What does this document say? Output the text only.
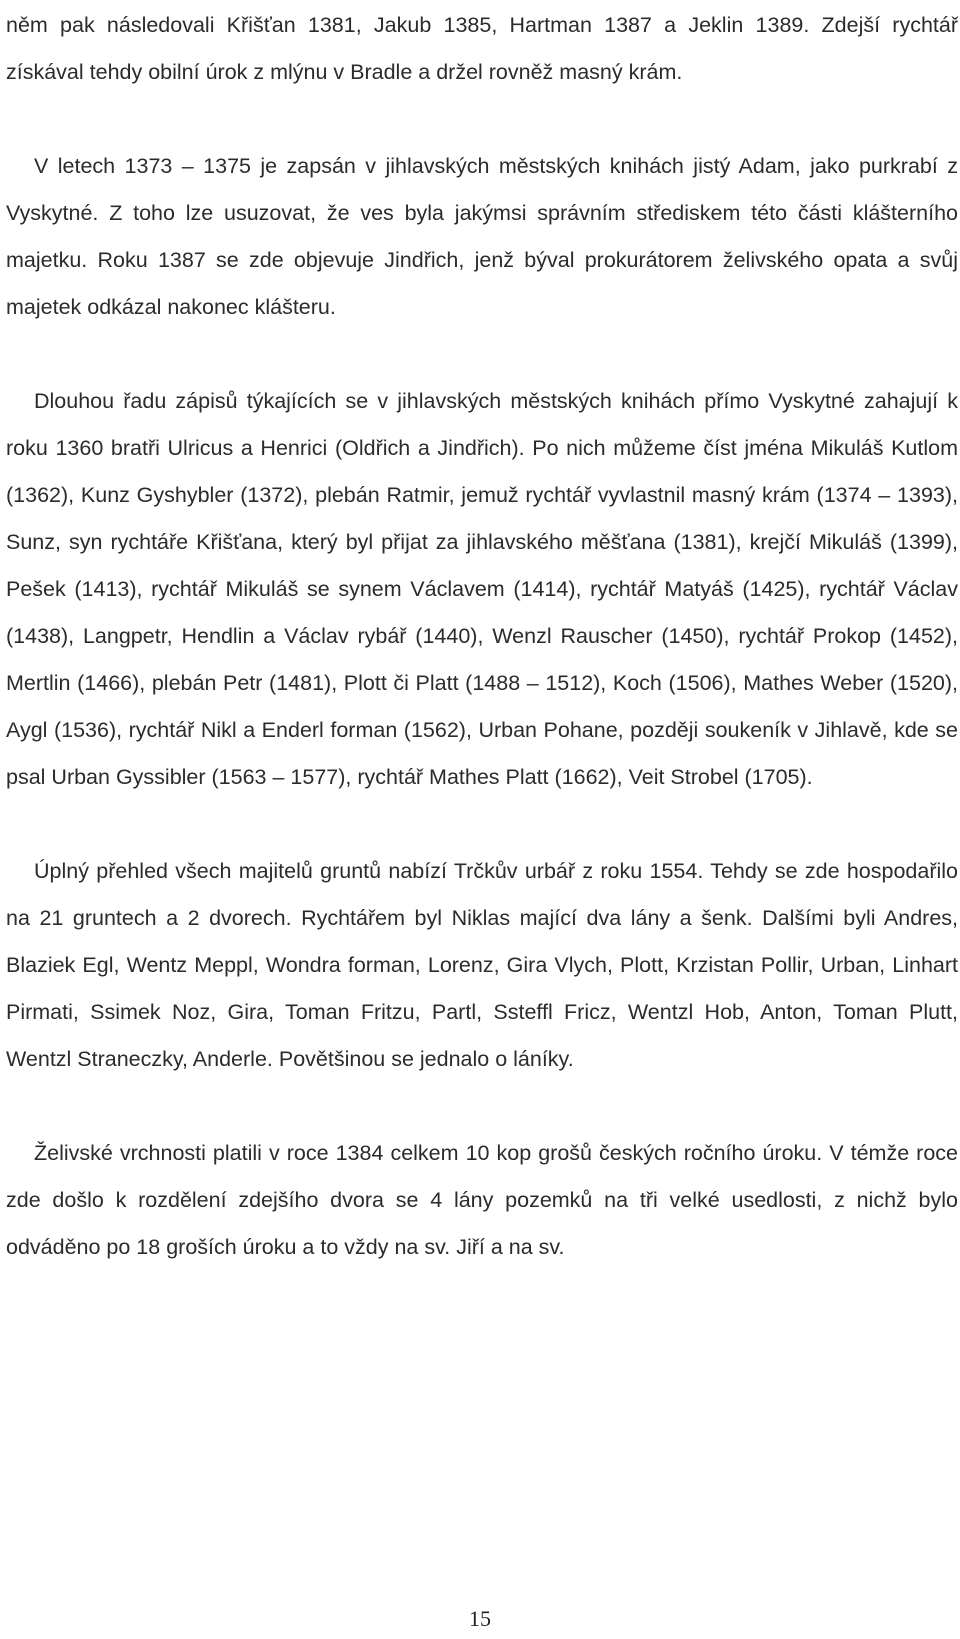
něm pak následovali Křišťan 1381, Jakub 1385, Hartman 1387 a Jeklin 1389. Zdejší rychtář získával tehdy obilní úrok z mlýnu v Bradle a držel rovněž masný krám.

V letech 1373 – 1375 je zapsán v jihlavských městských knihách jistý Adam, jako purkrabí z Vyskytné. Z toho lze usuzovat, že ves byla jakýmsi správním střediskem této části klášterního majetku. Roku 1387 se zde objevuje Jindřich, jenž býval prokurátorem želivského opata a svůj majetek odkázal nakonec klášteru.

Dlouhou řadu zápisů týkajících se v jihlavských městských knihách přímo Vyskytné zahajují k roku 1360 bratři Ulricus a Henrici (Oldřich a Jindřich). Po nich můžeme číst jména Mikuláš Kutlom (1362), Kunz Gyshybler (1372), plebán Ratmir, jemuž rychtář vyvlastnil masný krám (1374 – 1393), Sunz, syn rychtáře Křišťana, který byl přijat za jihlavského měšťana (1381), krejčí Mikuláš (1399), Pešek (1413), rychtář Mikuláš se synem Václavem (1414), rychtář Matyáš (1425), rychtář Václav (1438), Langpetr, Hendlin a Václav rybář (1440), Wenzl Rauscher (1450), rychtář Prokop (1452), Mertlin (1466), plebán Petr (1481), Plott či Platt (1488 – 1512), Koch (1506), Mathes Weber (1520), Aygl (1536), rychtář Nikl a Enderl forman (1562), Urban Pohane, později soukeník v Jihlavě, kde se psal Urban Gyssibler (1563 – 1577), rychtář Mathes Platt (1662), Veit Strobel (1705).

Úplný přehled všech majitelů gruntů nabízí Trčkův urbář z roku 1554. Tehdy se zde hospodařilo na 21 gruntech a 2 dvorech. Rychtářem byl Niklas mající dva lány a šenk. Dalšími byli Andres, Blaziek Egl, Wentz Meppl, Wondra forman, Lorenz, Gira Vlych, Plott, Krzistan Pollir, Urban, Linhart Pirmati, Ssimek Noz, Gira, Toman Fritzu, Partl, Ssteffl Fricz, Wentzl Hob, Anton, Toman Plutt, Wentzl Straneczky, Anderle. Povětšinou se jednalo o láníky.

Želivské vrchnosti platili v roce 1384 celkem 10 kop grošů českých ročního úroku. V témže roce zde došlo k rozdělení zdejšího dvora se 4 lány pozemků na tři velké usedlosti, z nichž bylo odváděno po 18 groších úroku a to vždy na sv. Jiří a na sv.

15
